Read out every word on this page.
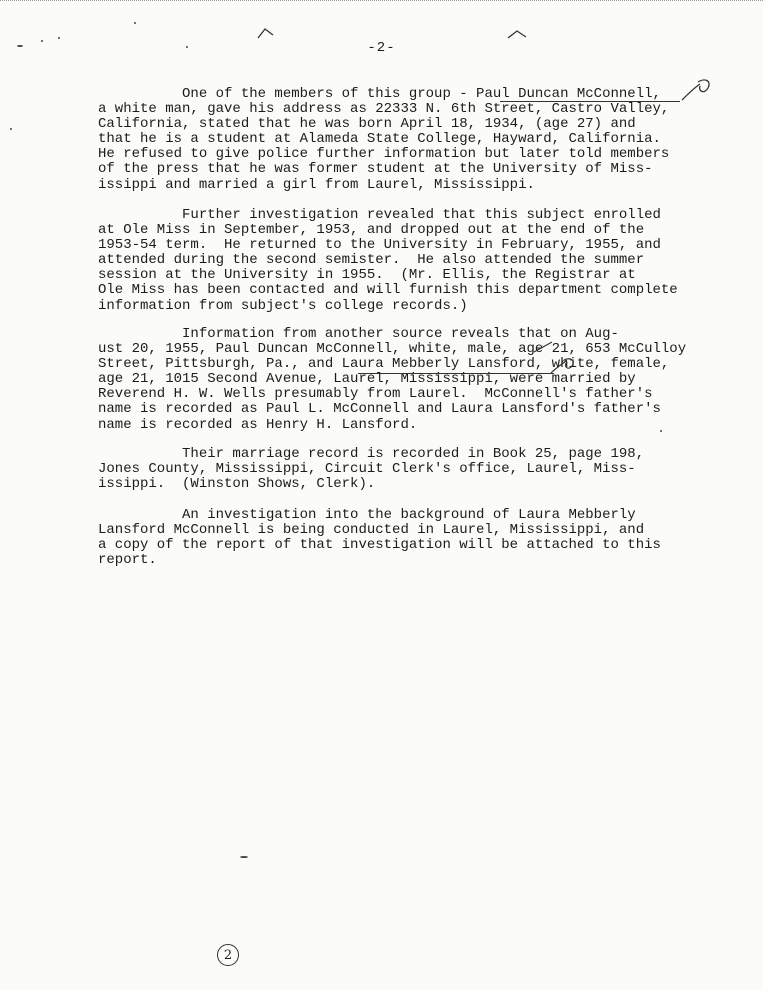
-2-

One of the members of this group - Paul Duncan McConnell,
a white man, gave his address as 22333 N. 6th Street, Castro Valley,
California, stated that he was born April 18, 1934, (age 27) and
that he is a student at Alameda State College, Hayward, California.
He refused to give police further information but later told members
of the press that he was former student at the University of Miss-
issippi and married a girl from Laurel, Mississippi.

Further investigation revealed that this subject enrolled
at Ole Miss in September, 1953, and dropped out at the end of the
1953-54 term.  He returned to the University in February, 1955, and
attended during the second semister.  He also attended the summer
session at the University in 1955.  (Mr. Ellis, the Registrar at
Ole Miss has been contacted and will furnish this department complete
information from subject's college records.)

Information from another source reveals that on Aug-
ust 20, 1955, Paul Duncan McConnell, white, male, age 21, 653 McCulloy
Street, Pittsburgh, Pa., and Laura Mebberly Lansford, white, female,
age 21, 1015 Second Avenue, Laurel, Mississippi, were married by
Reverend H. W. Wells presumably from Laurel.  McConnell's father's
name is recorded as Paul L. McConnell and Laura Lansford's father's
name is recorded as Henry H. Lansford.

Their marriage record is recorded in Book 25, page 198,
Jones County, Mississippi, Circuit Clerk's office, Laurel, Miss-
issippi.  (Winston Shows, Clerk).

An investigation into the background of Laura Mebberly
Lansford McConnell is being conducted in Laurel, Mississippi, and
a copy of the report of that investigation will be attached to this
report.

2
